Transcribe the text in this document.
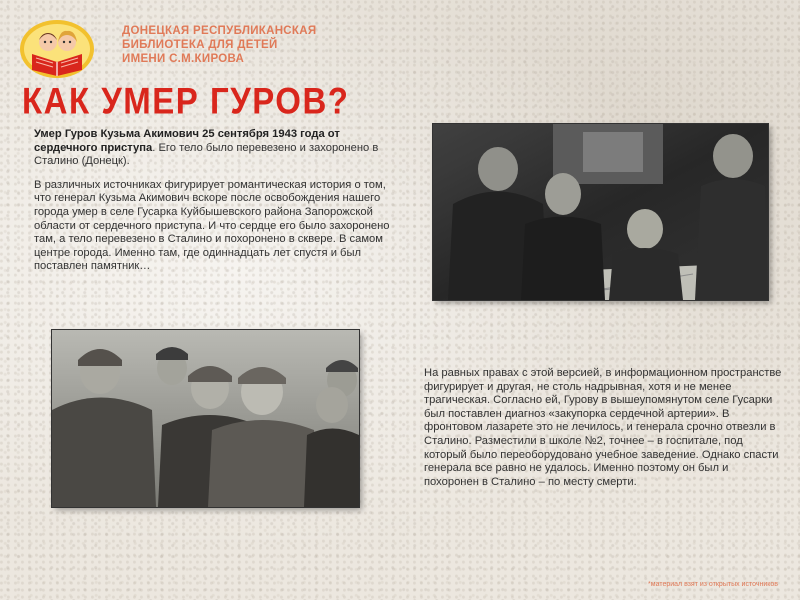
ДОНЕЦКАЯ РЕСПУБЛИКАНСКАЯ
БИБЛИОТЕКА ДЛЯ ДЕТЕЙ
ИМЕНИ С.М.КИРОВА
КАК УМЕР ГУРОВ?

Умер Гуров Кузьма Акимович 25 сентября 1943 года от сердечного приступа. Его тело было перевезено и захоронено в Сталино (Донецк).

В различных источниках фигурирует романтическая история о том, что генерал Кузьма Акимович вскоре после освобождения нашего города умер в селе Гусарка Куйбышевского района Запорожской области от сердечного приступа. И что сердце его было захоронено там, а тело перевезено в Сталино и похоронено в сквере. В самом центре города. Именно там, где одиннадцать лет спустя и был поставлен памятник…

На равных правах с этой версией, в информационном пространстве фигурирует и другая, не столь надрывная, хотя и не менее трагическая. Согласно ей, Гурову в вышеупомянутом селе Гусарки был поставлен диагноз «закупорка сердечной артерии». В фронтовом лазарете это не лечилось, и генерала срочно отвезли в Сталино. Разместили в школе №2, точнее – в госпитале, под который было переоборудовано учебное заведение. Однако спасти генерала все равно не удалось. Именно поэтому он был и похоронен в Сталино – по месту смерти.

*материал взят из открытых источников
